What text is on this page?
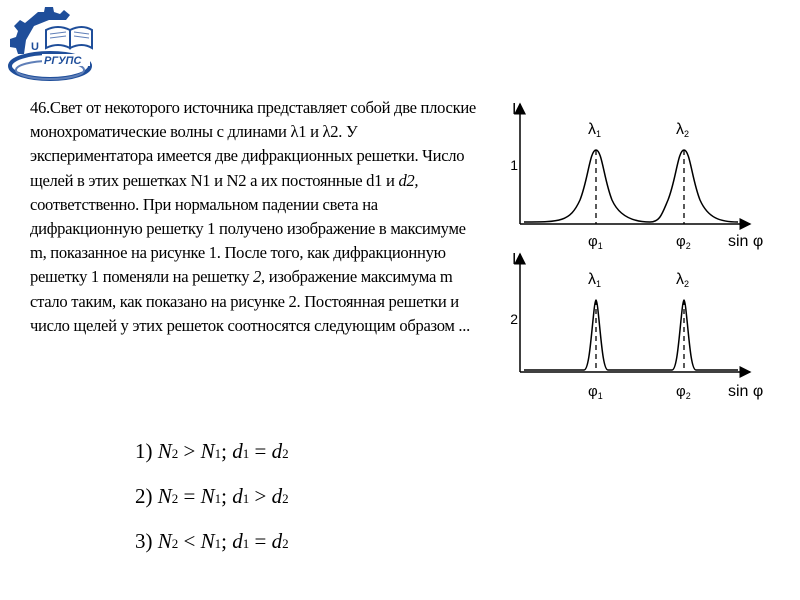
U
РГУПС

46.Свет от некоторого источника представляет собой две плоские монохроматические волны с длинами λ1 и λ2. У экспериментатора имеется две дифракционных решетки. Число щелей в этих решетках N1 и N2 а их постоянные d1 и d2, соответственно. При нормальном падении света на дифракционную решетку 1 получено изображение в максимуме m, показанное на рисунке 1. После того, как дифракционную решетку 1 поменяли на решетку 2, изображение максимума m стало таким, как показано на рисунке 2. Постоянная решетки и число щелей у этих решеток соотносятся следующим образом ...

I
1
λ1	λ2
$\varphi_1$	$\varphi_2$ sin φ
I
2
λ1	λ2
$\varphi_1$	$\varphi_2$ sin φ
1) N2 > N1; d1 = d2
2) N2 = N1; d1 > d2
3) N2 < N1; d1 = d2
